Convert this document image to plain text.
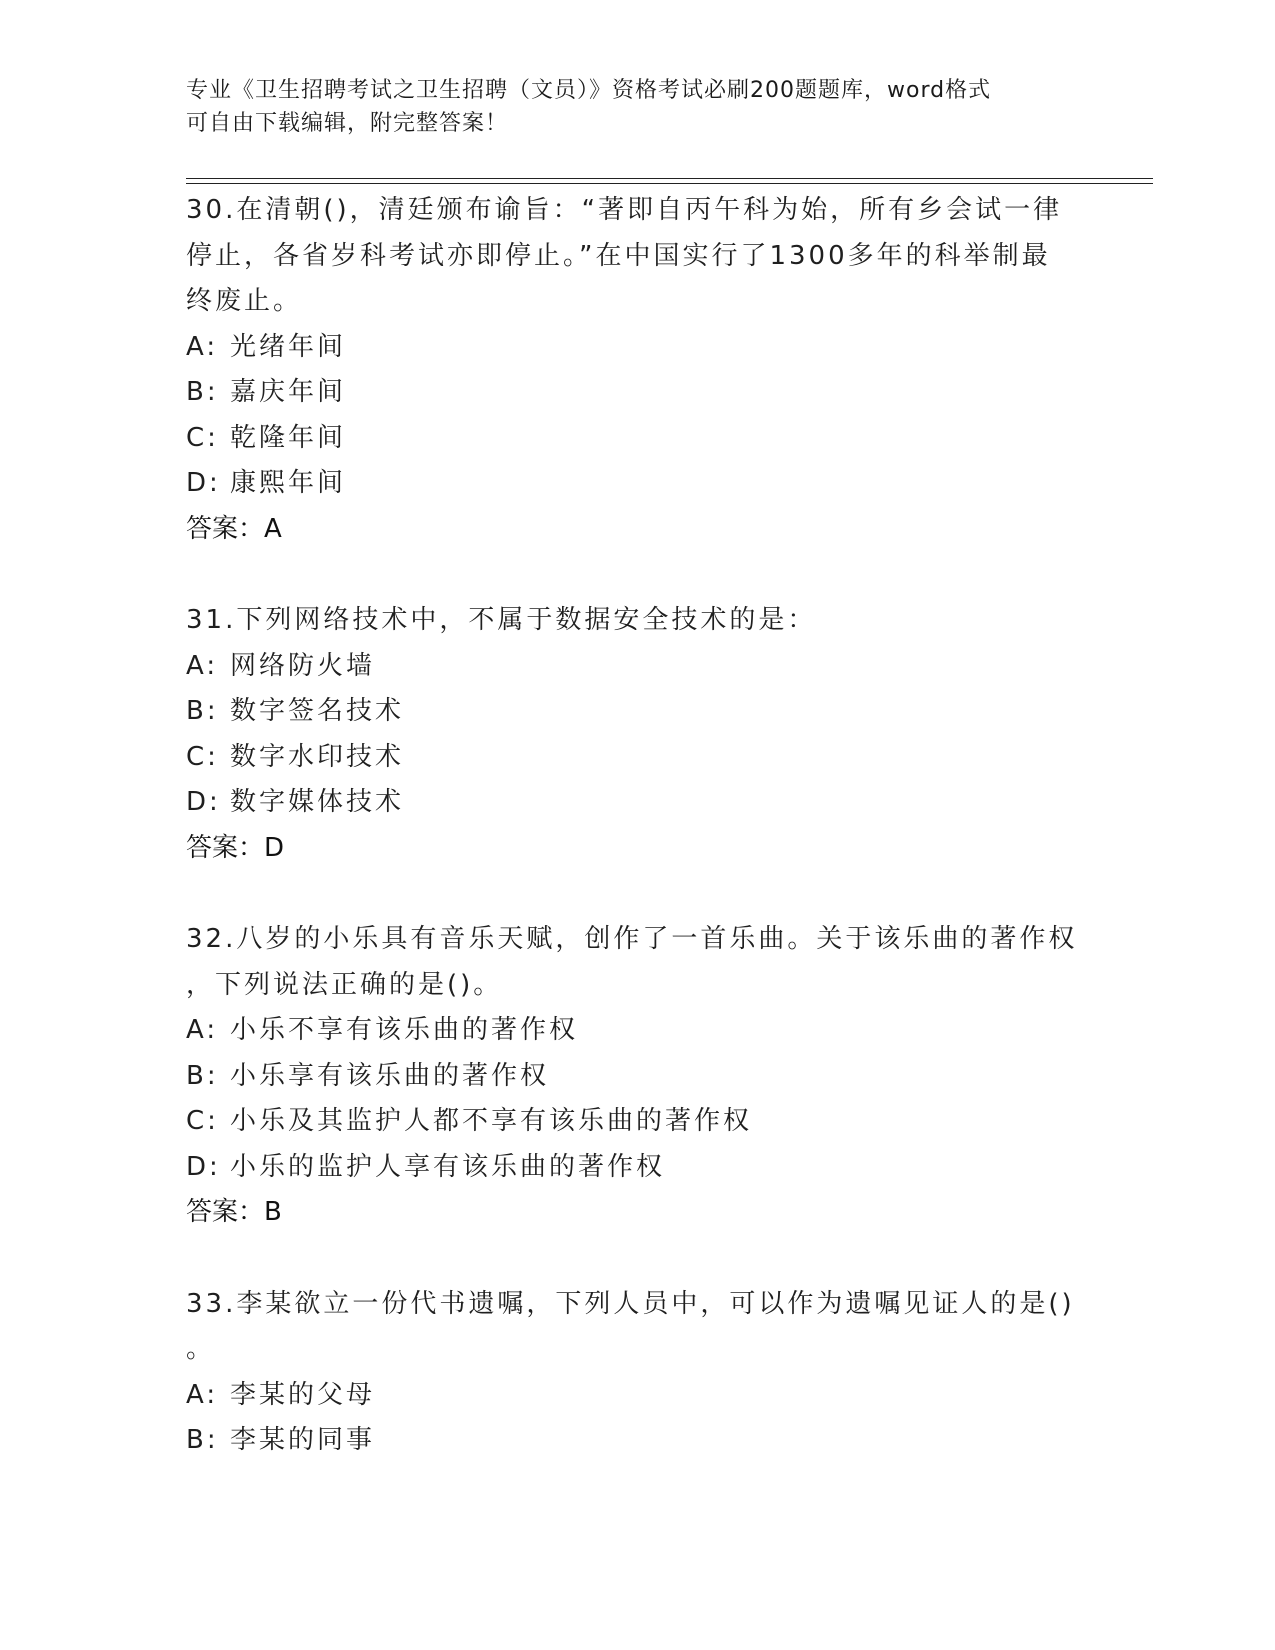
专业《卫生招聘考试之卫生招聘（文员）》资格考试必刷200题题库，word格式
可自由下载编辑，附完整答案！
30.在清朝()，清廷颁布谕旨：“著即自丙午科为始，所有乡会试一律
停止，各省岁科考试亦即停止。”在中国实行了1300多年的科举制最
终废止。
A: 光绪年间
B: 嘉庆年间
C: 乾隆年间
D: 康熙年间
答案：A
31.下列网络技术中，不属于数据安全技术的是：
A: 网络防火墙
B: 数字签名技术
C: 数字水印技术
D: 数字媒体技术
答案：D
32.八岁的小乐具有音乐天赋，创作了一首乐曲。关于该乐曲的著作权
，下列说法正确的是()。
A: 小乐不享有该乐曲的著作权
B: 小乐享有该乐曲的著作权
C: 小乐及其监护人都不享有该乐曲的著作权
D: 小乐的监护人享有该乐曲的著作权
答案：B
33.李某欲立一份代书遗嘱，下列人员中，可以作为遗嘱见证人的是()
。
A: 李某的父母
B: 李某的同事
